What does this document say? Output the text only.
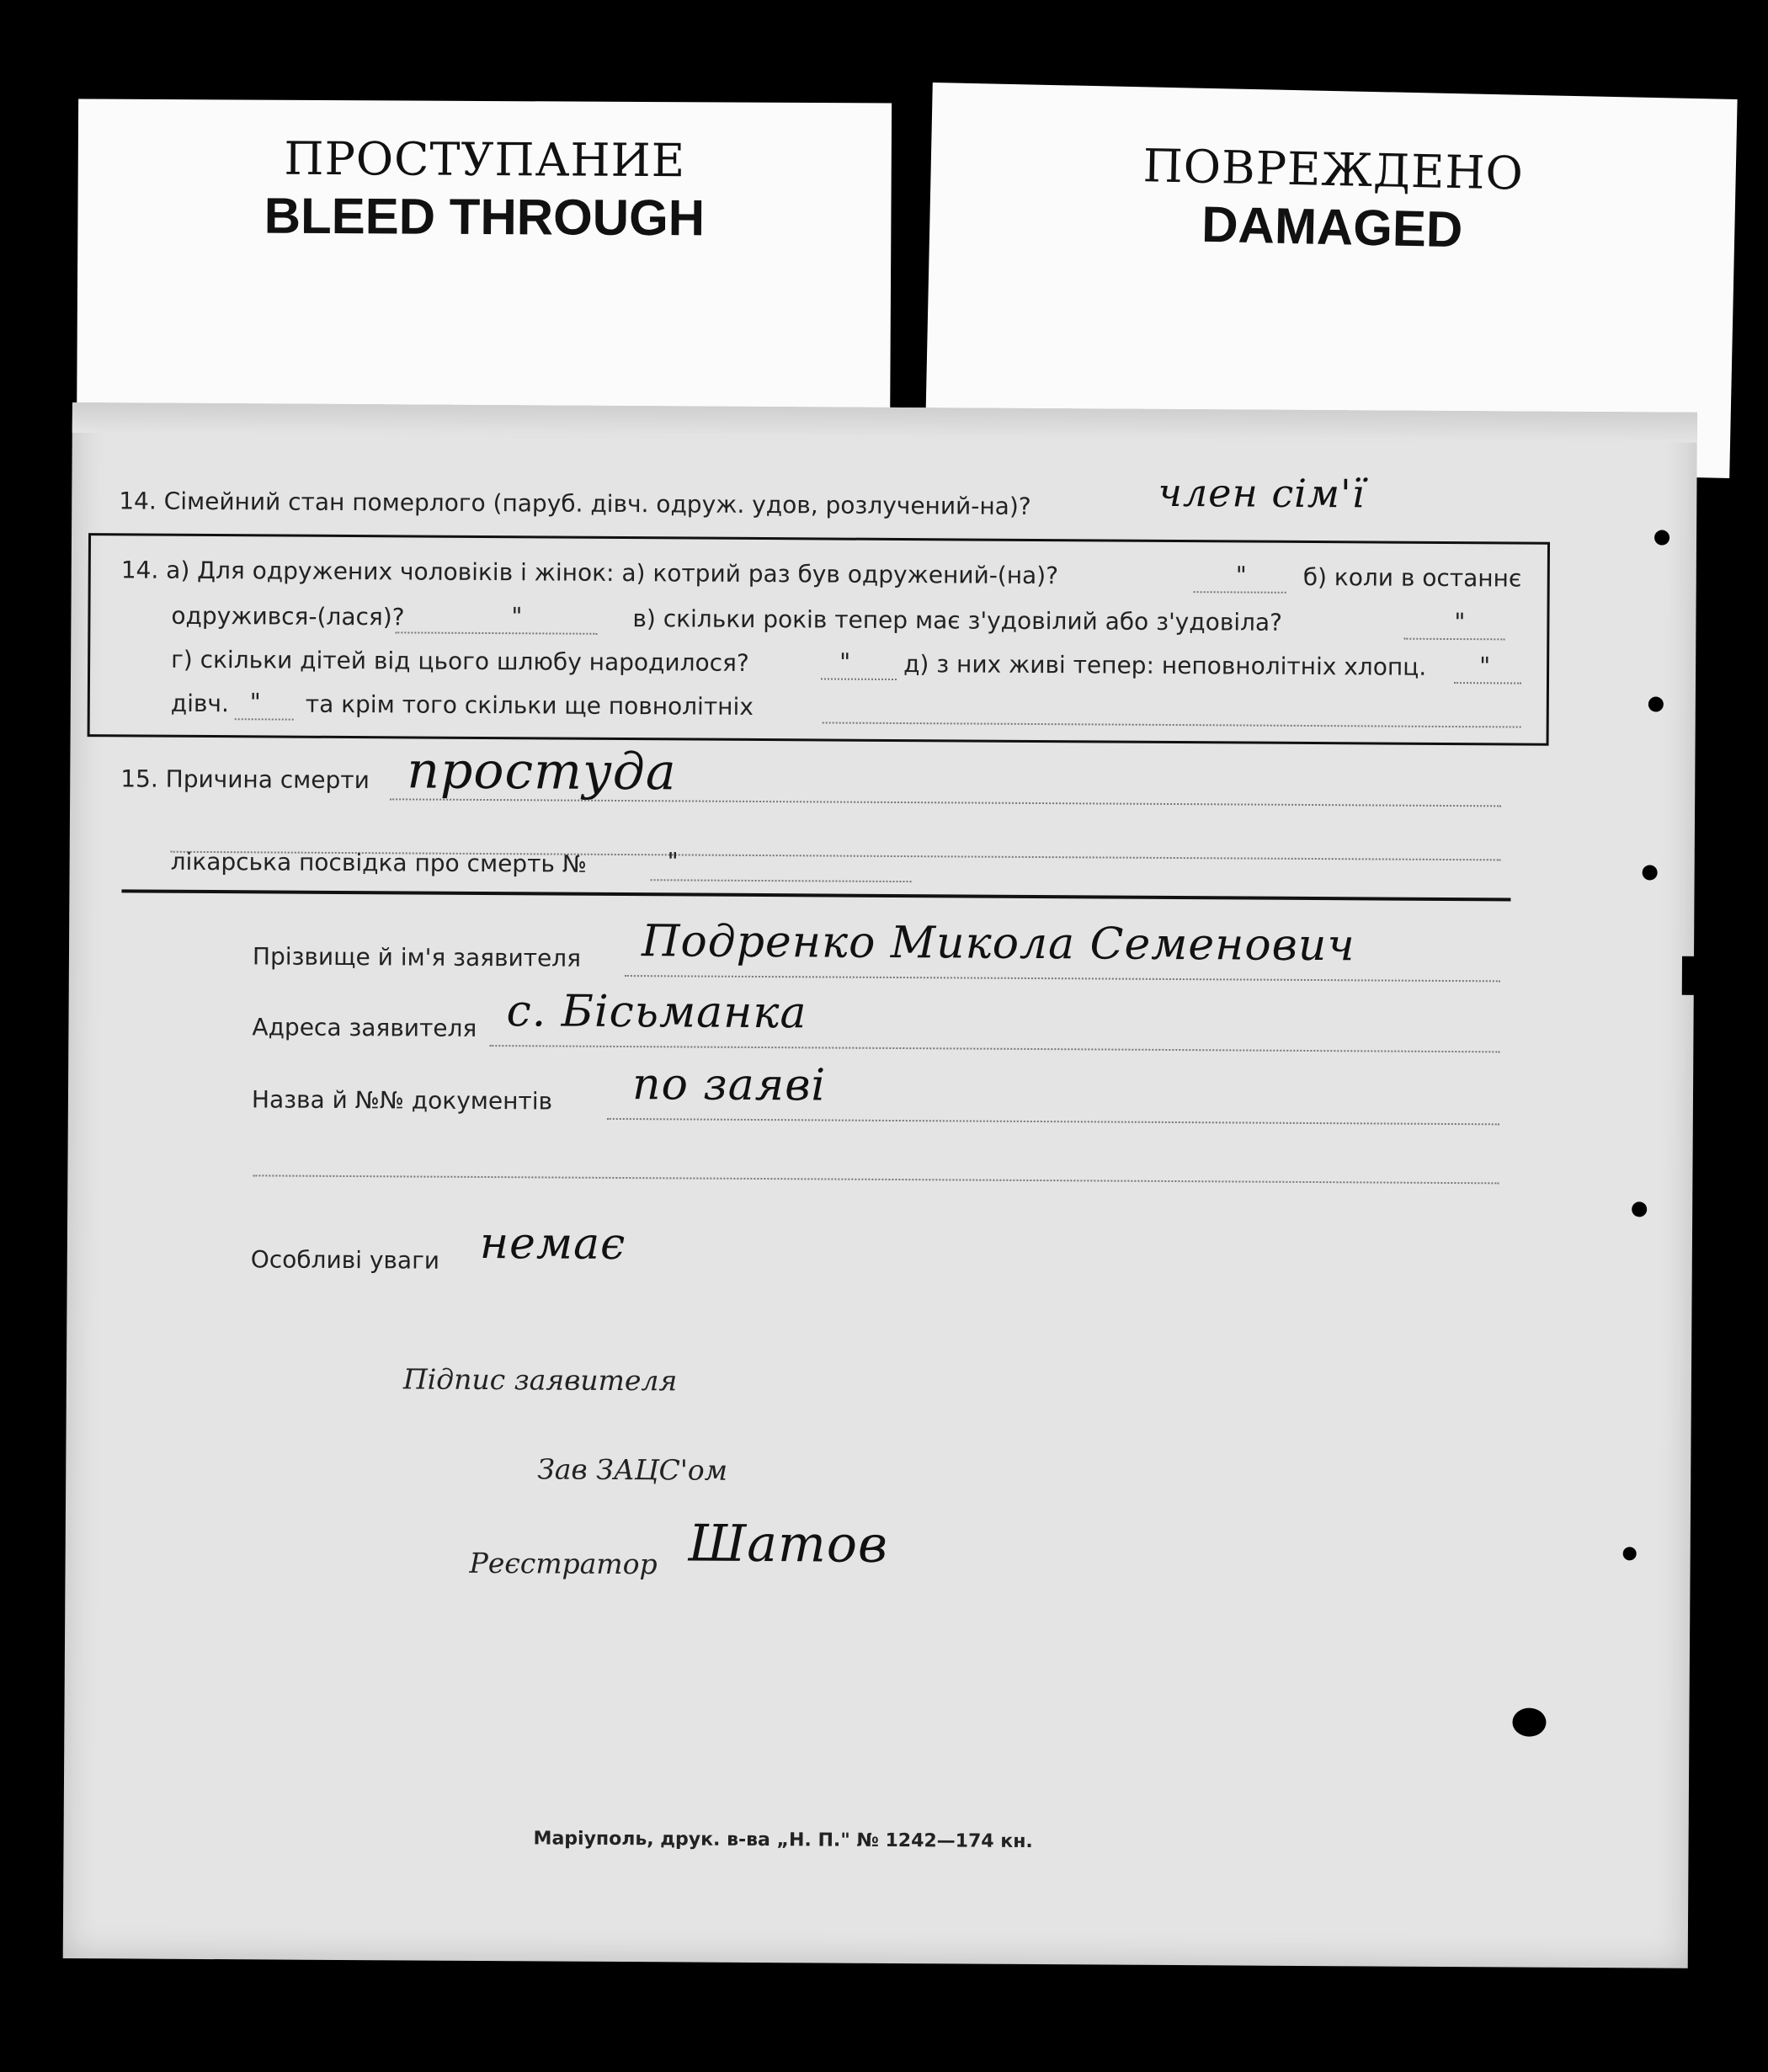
ПРОСТУПАНИЕ
BLEED THROUGH
ПОВРЕЖДЕНО
DAMAGED
14. Сімейний стан померлого (паруб. дівч. одруж. удов, розлучений-на)?	член сім'ї
14. а) Для одружених чоловіків і жінок: а) котрий раз був одружений-(на)?	" б) коли в останнє
одружився-(лася)?	"	в) скільки років тепер має з'удовілий або з'удовіла?	"
г) скільки дітей від цього шлюбу народилося?	" д) з них живі тепер: неповнолітніх хлопц. "
дівч. " та крім того скільки ще повнолітніх
15. Причина смерти простуда
лікарська посвідка про смерть №	"
Прізвище й ім'я заявителя Подренко Микола Семенович
Адреса заявителя с. Бісьманка
Назва й №№ документів по заяві
Особливі уваги немає
Підпис заявителя
Зав ЗАЦС'ом
Реєстратор Шатов
Маріуполь, друк. в-ва „Н. П." № 1242—174 кн.
